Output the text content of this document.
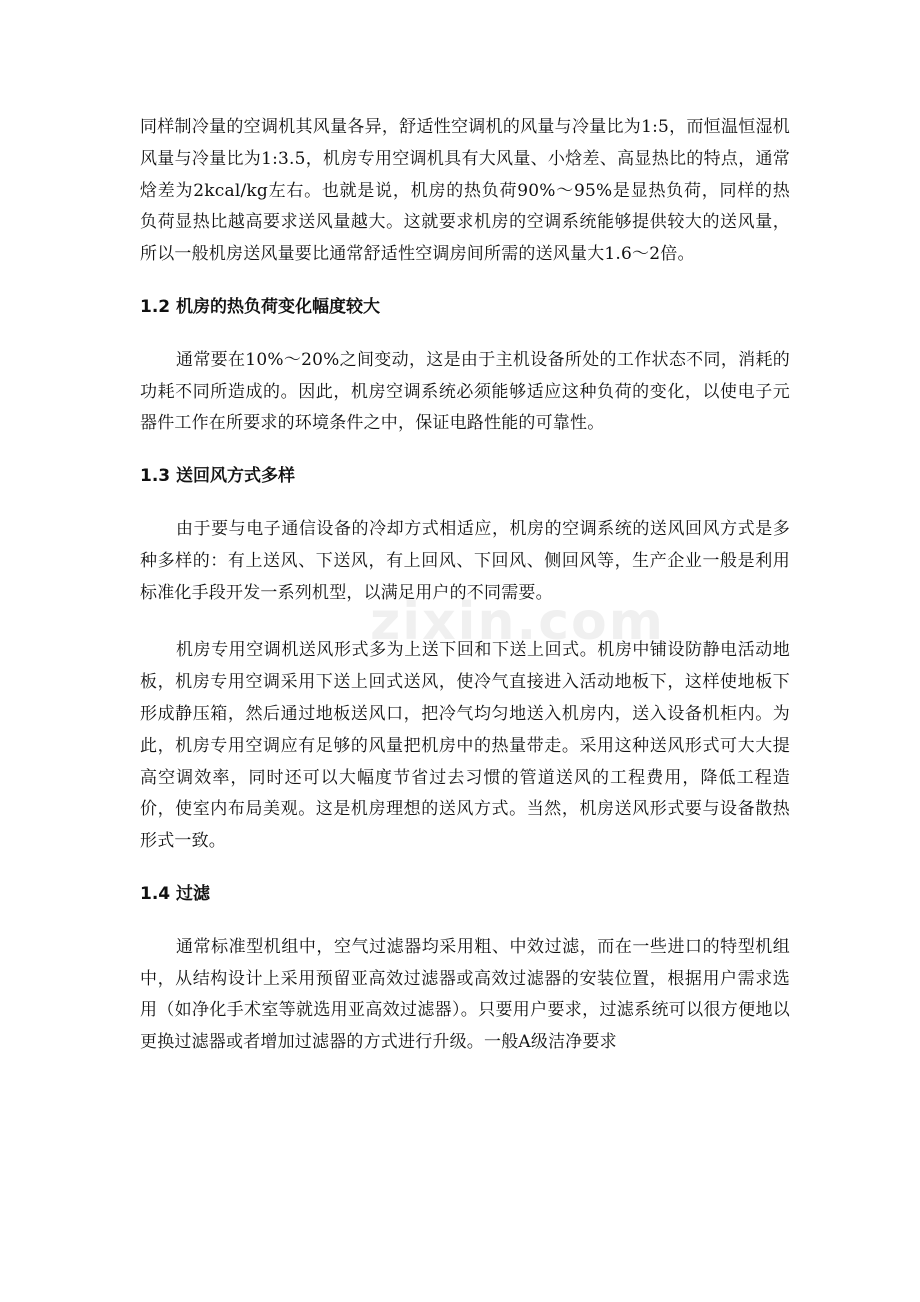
同样制冷量的空调机其风量各异，舒适性空调机的风量与冷量比为1:5，而恒温恒湿机风量与冷量比为1:3.5，机房专用空调机具有大风量、小焓差、高显热比的特点，通常焓差为2kcal/kg左右。也就是说，机房的热负荷90%～95%是显热负荷，同样的热负荷显热比越高要求送风量越大。这就要求机房的空调系统能够提供较大的送风量，所以一般机房送风量要比通常舒适性空调房间所需的送风量大1.6～2倍。

1.2 机房的热负荷变化幅度较大

通常要在10%～20%之间变动，这是由于主机设备所处的工作状态不同，消耗的功耗不同所造成的。因此，机房空调系统必须能够适应这种负荷的变化，以使电子元器件工作在所要求的环境条件之中，保证电路性能的可靠性。

1.3 送回风方式多样

由于要与电子通信设备的冷却方式相适应，机房的空调系统的送风回风方式是多种多样的：有上送风、下送风，有上回风、下回风、侧回风等，生产企业一般是利用标准化手段开发一系列机型，以满足用户的不同需要。

机房专用空调机送风形式多为上送下回和下送上回式。机房中铺设防静电活动地板，机房专用空调采用下送上回式送风，使冷气直接进入活动地板下，这样使地板下形成静压箱，然后通过地板送风口，把冷气均匀地送入机房内，送入设备机柜内。为此，机房专用空调应有足够的风量把机房中的热量带走。采用这种送风形式可大大提高空调效率，同时还可以大幅度节省过去习惯的管道送风的工程费用，降低工程造价，使室内布局美观。这是机房理想的送风方式。当然，机房送风形式要与设备散热形式一致。

1.4 过滤

通常标准型机组中，空气过滤器均采用粗、中效过滤，而在一些进口的特型机组中，从结构设计上采用预留亚高效过滤器或高效过滤器的安装位置，根据用户需求选用（如净化手术室等就选用亚高效过滤器）。只要用户要求，过滤系统可以很方便地以更换过滤器或者增加过滤器的方式进行升级。一般A级洁净要求

zixin.com
